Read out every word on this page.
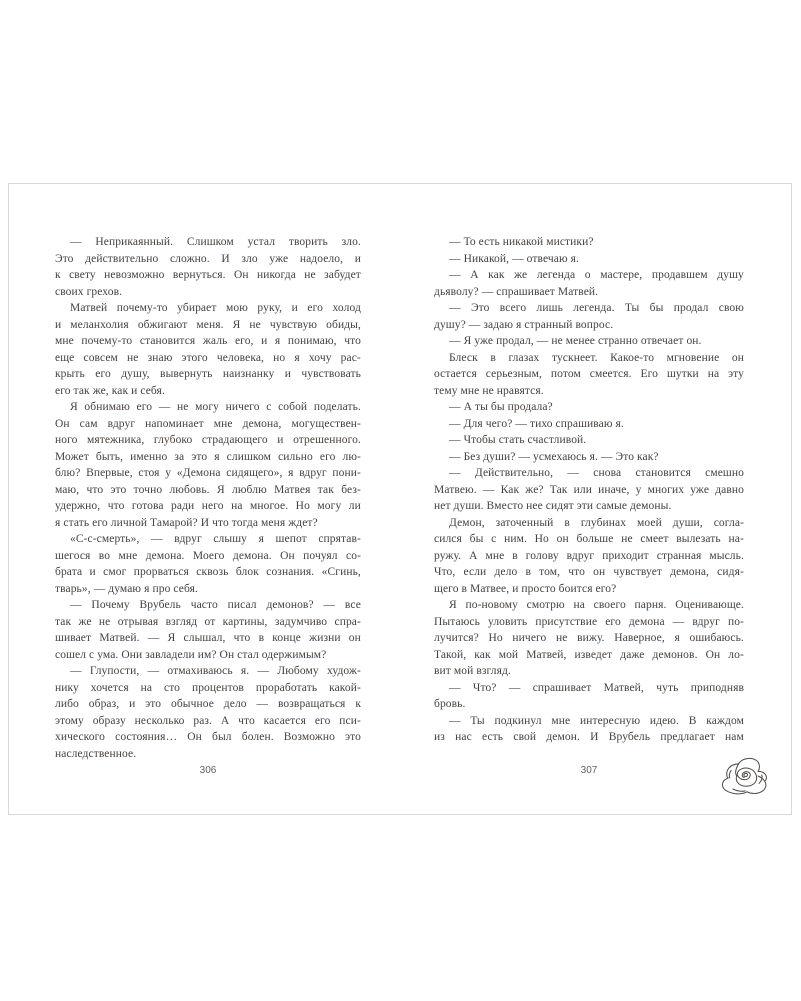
— Неприкаянный. Слишком устал творить зло.
Это действительно сложно. И зло уже надоело, и
к свету невозможно вернуться. Он никогда не забудет
своих грехов.
Матвей почему-то убирает мою руку, и его холод
и меланхолия обжигают меня. Я не чувствую обиды,
мне почему-то становится жаль его, и я понимаю, что
еще совсем не знаю этого человека, но я хочу рас-
крыть его душу, вывернуть наизнанку и чувствовать
его так же, как и себя.
Я обнимаю его — не могу ничего с собой поделать.
Он сам вдруг напоминает мне демона, могуществен-
ного мятежника, глубоко страдающего и отрешенного.
Может быть, именно за это я слишком сильно его лю-
блю? Впервые, стоя у «Демона сидящего», я вдруг пони-
маю, что это точно любовь. Я люблю Матвея так без-
удержно, что готова ради него на многое. Но могу ли
я стать его личной Тамарой? И что тогда меня ждет?
«С-с-смерть», — вдруг слышу я шепот спрятав-
шегося во мне демона. Моего демона. Он почуял со-
брата и смог прорваться сквозь блок сознания. «Сгинь,
тварь», — думаю я про себя.
— Почему Врубель часто писал демонов? — все
так же не отрывая взгляд от картины, задумчиво спра-
шивает Матвей. — Я слышал, что в конце жизни он
сошел с ума. Они завладели им? Он стал одержимым?
— Глупости, — отмахиваюсь я. — Любому худож-
нику хочется на сто процентов проработать какой-
либо образ, и это обычное дело — возвращаться к
этому образу несколько раз. А что касается его пси-
хического состояния… Он был болен. Возможно это
наследственное.
306
— То есть никакой мистики?
— Никакой, — отвечаю я.
— А как же легенда о мастере, продавшем душу
дьяволу? — спрашивает Матвей.
— Это всего лишь легенда. Ты бы продал свою
душу? — задаю я странный вопрос.
— Я уже продал, — не менее странно отвечает он.
Блеск в глазах тускнеет. Какое-то мгновение он
остается серьезным, потом смеется. Его шутки на эту
тему мне не нравятся.
— А ты бы продала?
— Для чего? — тихо спрашиваю я.
— Чтобы стать счастливой.
— Без души? — усмехаюсь я. — Это как?
— Действительно, — снова становится смешно
Матвею. — Как же? Так или иначе, у многих уже давно
нет души. Вместо нее сидят эти самые демоны.
Демон, заточенный в глубинах моей души, согла-
сился бы с ним. Но он больше не смеет вылезать на-
ружу. А мне в голову вдруг приходит странная мысль.
Что, если дело в том, что он чувствует демона, сидя-
щего в Матвее, и просто боится его?
Я по-новому смотрю на своего парня. Оценивающе.
Пытаюсь уловить присутствие его демона — вдруг по-
лучится? Но ничего не вижу. Наверное, я ошибаюсь.
Такой, как мой Матвей, изведет даже демонов. Он ло-
вит мой взгляд.
— Что? — спрашивает Матвей, чуть приподняв
бровь.
— Ты подкинул мне интересную идею. В каждом
из нас есть свой демон. И Врубель предлагает нам
307
